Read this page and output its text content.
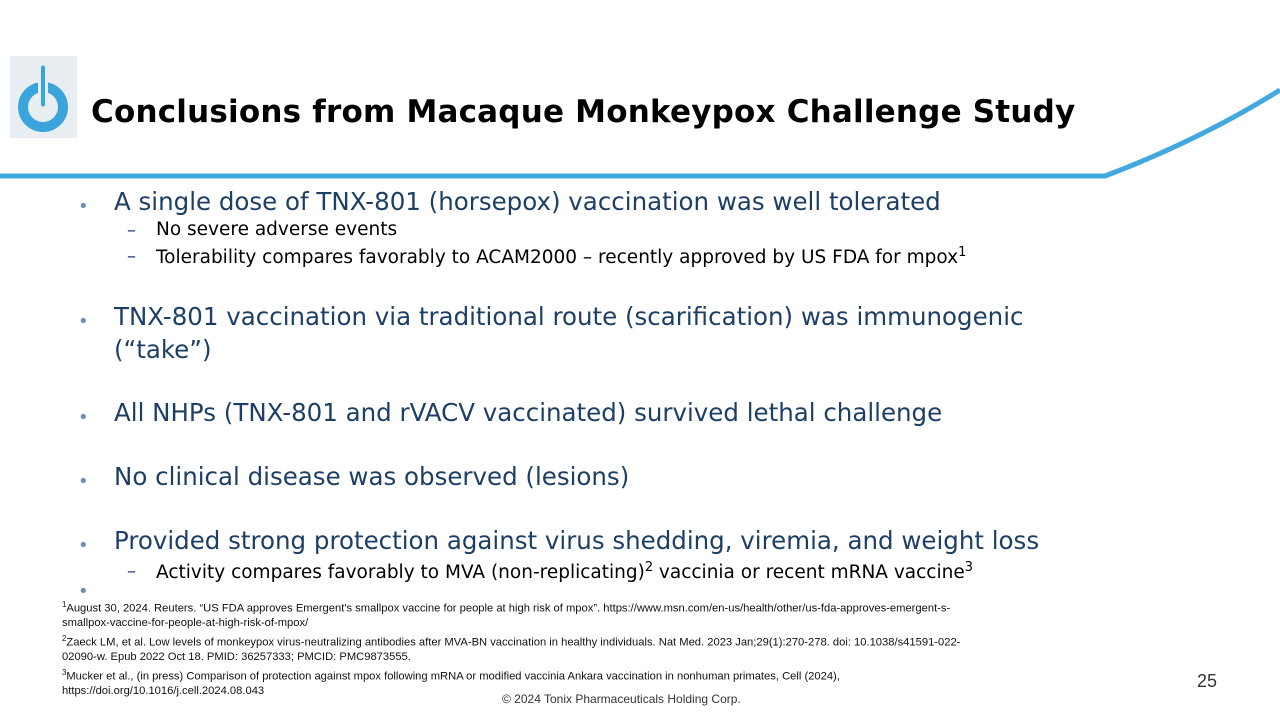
Conclusions from Macaque Monkeypox Challenge Study
• A single dose of TNX-801 (horsepox) vaccination was well tolerated
– No severe adverse events
– Tolerability compares favorably to ACAM2000 – recently approved by US FDA for mpox$^1$
• TNX-801 vaccination via traditional route (scarification) was immunogenic
(“take”)
• All NHPs (TNX-801 and rVACV vaccinated) survived lethal challenge
• No clinical disease was observed (lesions)
• Provided strong protection against virus shedding, viremia, and weight loss
– Activity compares favorably to MVA (non-replicating)$^2$ vaccinia or recent mRNA vaccine$^3$
•
$^1$August 30, 2024. Reuters. “US FDA approves Emergent's smallpox vaccine for people at high risk of mpox”. https://www.msn.com/en-us/health/other/us-fda-approves-emergent-s-
smallpox-vaccine-for-people-at-high-risk-of-mpox/
$^2$Zaeck LM, et al. Low levels of monkeypox virus-neutralizing antibodies after MVA-BN vaccination in healthy individuals. Nat Med. 2023 Jan;29(1):270-278. doi: 10.1038/s41591-022-
02090-w. Epub 2022 Oct 18. PMID: 36257333; PMCID: PMC9873555.
$^3$Mucker et al., (in press) Comparison of protection against mpox following mRNA or modified vaccinia Ankara vaccination in nonhuman primates, Cell (2024),
https://doi.org/10.1016/j.cell.2024.08.043	25
© 2024 Tonix Pharmaceuticals Holding Corp.
